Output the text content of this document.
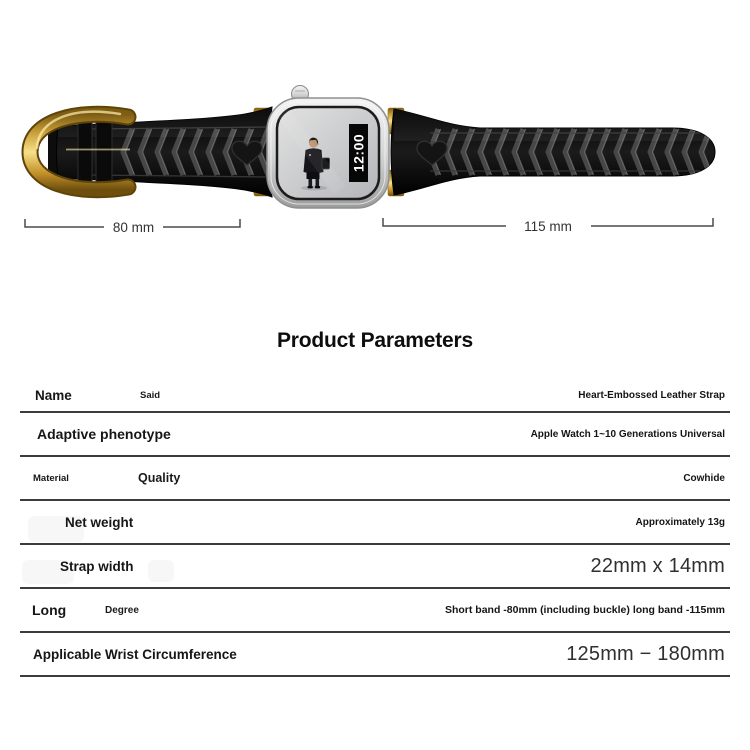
12:00
80 mm	115 mm
Product Parameters
Name	Said	Heart-Embossed Leather Strap
Adaptive phenotype	Apple Watch 1~10 Generations Universal
Material	Quality	Cowhide
Net weight	Approximately 13g
Strap width	22mm x 14mm
Long	Degree	Short band -80mm (including buckle) long band -115mm
Applicable Wrist Circumference	125mm − 180mm
